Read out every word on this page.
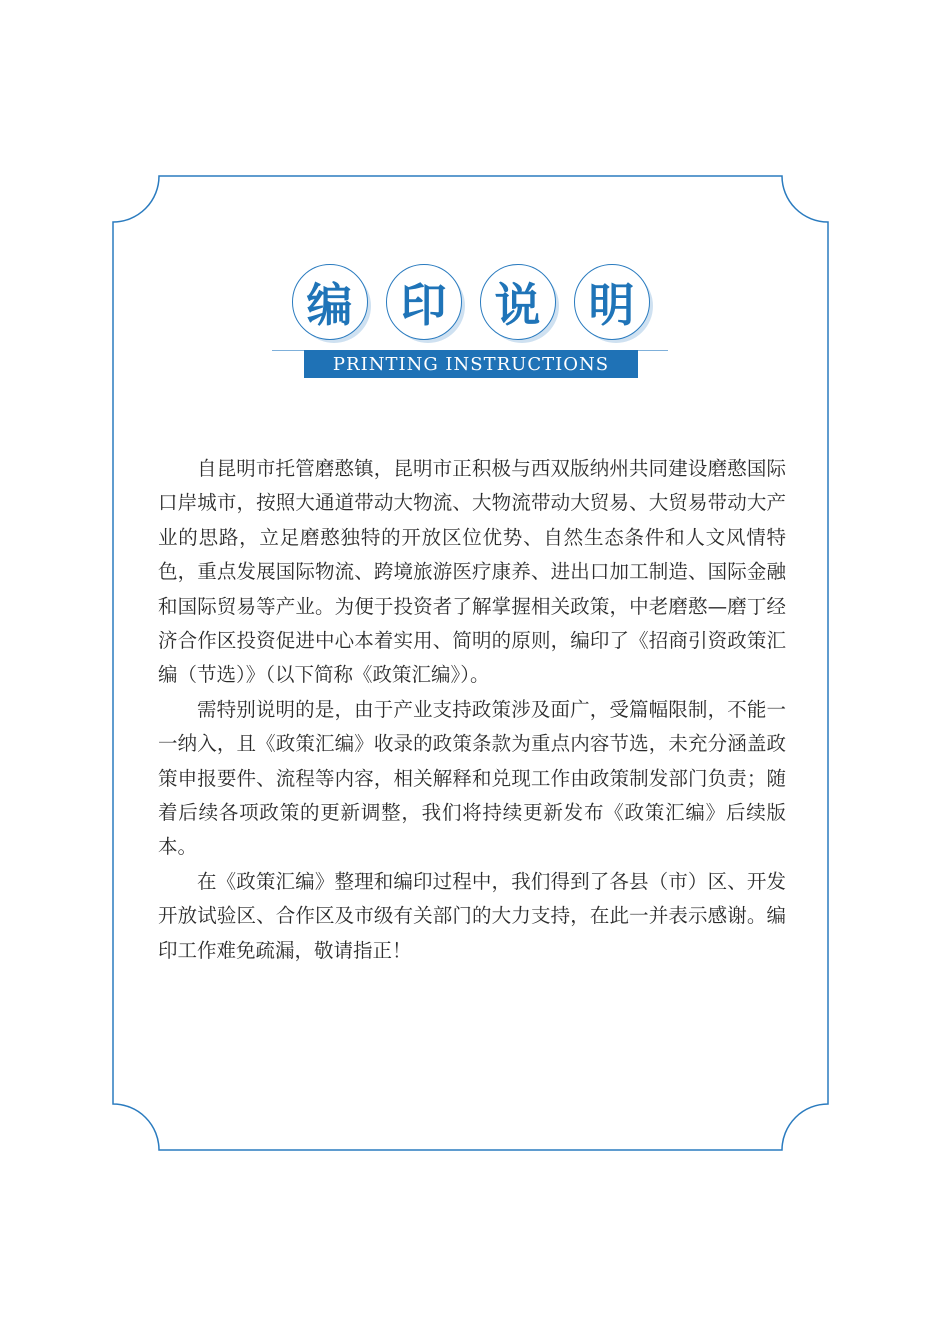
编	印	说	明
PRINTING INSTRUCTIONS

自昆明市托管磨憨镇，昆明市正积极与西双版纳州共同建设磨憨国际口岸城市，按照大通道带动大物流、大物流带动大贸易、大贸易带动大产业的思路，立足磨憨独特的开放区位优势、自然生态条件和人文风情特色，重点发展国际物流、跨境旅游医疗康养、进出口加工制造、国际金融和国际贸易等产业。为便于投资者了解掌握相关政策，中老磨憨—磨丁经济合作区投资促进中心本着实用、简明的原则，编印了《招商引资政策汇编（节选）》（以下简称《政策汇编》）。

需特别说明的是，由于产业支持政策涉及面广，受篇幅限制，不能一一纳入，且《政策汇编》收录的政策条款为重点内容节选，未充分涵盖政策申报要件、流程等内容，相关解释和兑现工作由政策制发部门负责；随着后续各项政策的更新调整，我们将持续更新发布《政策汇编》后续版本。

在《政策汇编》整理和编印过程中，我们得到了各县（市）区、开发开放试验区、合作区及市级有关部门的大力支持，在此一并表示感谢。编印工作难免疏漏，敬请指正！
